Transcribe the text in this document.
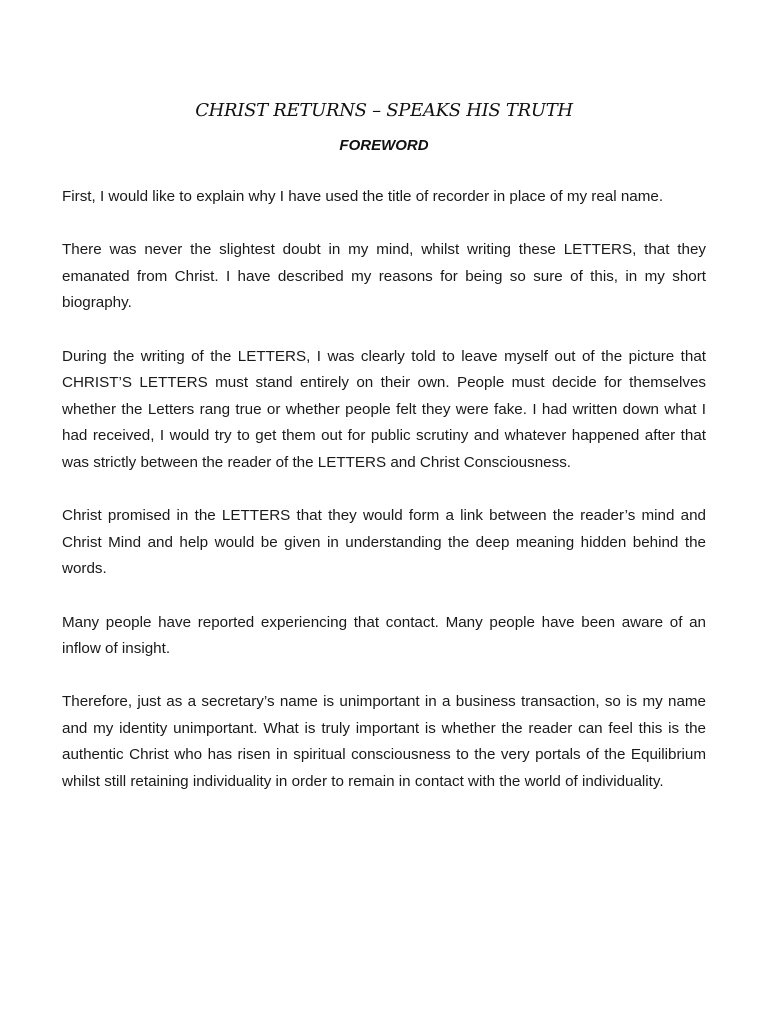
CHRIST RETURNS – SPEAKS HIS TRUTH
FOREWORD

First, I would like to explain why I have used the title of recorder in place of my real name.

There was never the slightest doubt in my mind, whilst writing these LETTERS, that they emanated from Christ. I have described my reasons for being so sure of this, in my short biography.

During the writing of the LETTERS, I was clearly told to leave myself out of the picture that CHRIST’S LETTERS must stand entirely on their own. People must decide for themselves whether the Letters rang true or whether people felt they were fake. I had written down what I had received, I would try to get them out for public scrutiny and whatever happened after that was strictly between the reader of the LETTERS and Christ Consciousness.

Christ promised in the LETTERS that they would form a link between the reader’s mind and Christ Mind and help would be given in understanding the deep meaning hidden behind the words.

Many people have reported experiencing that contact. Many people have been aware of an inflow of insight.

Therefore, just as a secretary’s name is unimportant in a business transaction, so is my name and my identity unimportant. What is truly important is whether the reader can feel this is the authentic Christ who has risen in spiritual consciousness to the very portals of the Equilibrium whilst still retaining individuality in order to remain in contact with the world of individuality.
